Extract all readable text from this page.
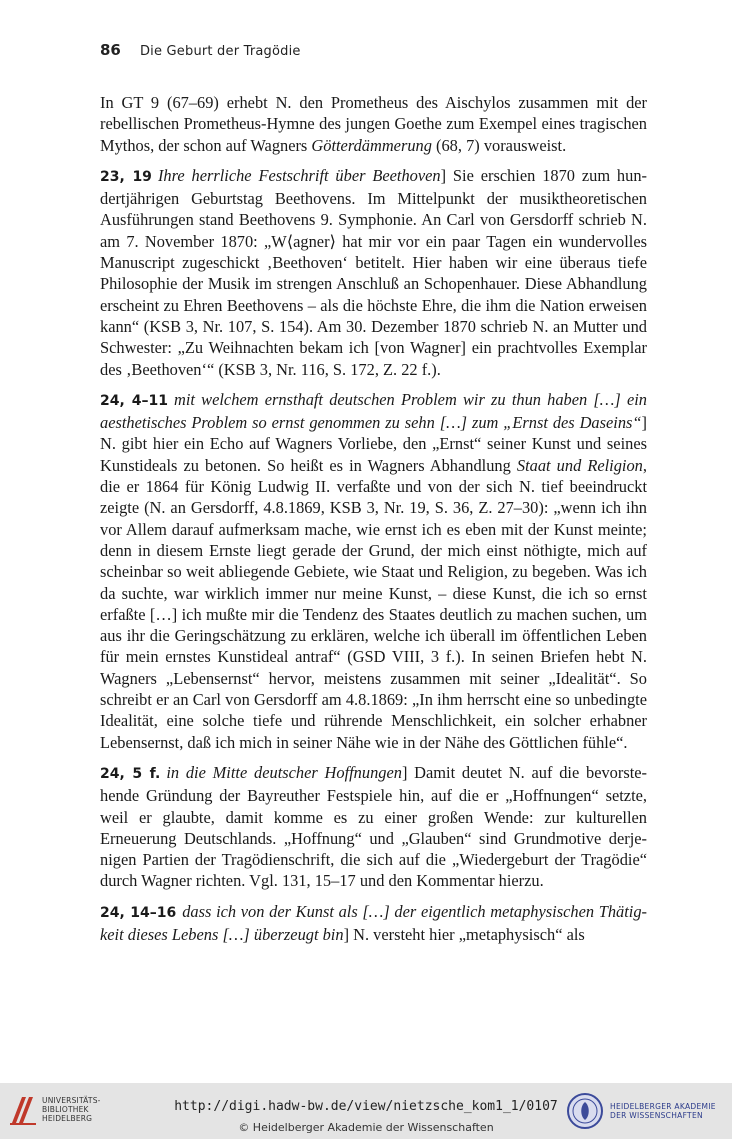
86 Die Geburt der Tragödie

In GT 9 (67–69) erhebt N. den Prometheus des Aischylos zusammen mit der rebellischen Prometheus-Hymne des jungen Goethe zum Exempel eines tragischen Mythos, der schon auf Wagners Götterdämmerung (68, 7) vorausweist.

23, 19 Ihre herrliche Festschrift über Beethoven] Sie erschien 1870 zum hundertjährigen Geburtstag Beethovens. Im Mittelpunkt der musiktheoretischen Ausführungen stand Beethovens 9. Symphonie. An Carl von Gersdorff schrieb N. am 7. November 1870: „W⟨agner⟩ hat mir vor ein paar Tagen ein wundervolles Manuscript zugeschickt ‚Beethoven‘ betitelt. Hier haben wir eine überaus tiefe Philosophie der Musik im strengen Anschluß an Schopenhauer. Diese Abhandlung erscheint zu Ehren Beethovens – als die höchste Ehre, die ihm die Nation erweisen kann“ (KSB 3, Nr. 107, S. 154). Am 30. Dezember 1870 schrieb N. an Mutter und Schwester: „Zu Weihnachten bekam ich [von Wagner] ein prachtvolles Exemplar des ‚Beethoven‘“ (KSB 3, Nr. 116, S. 172, Z. 22 f.).

24, 4–11 mit welchem ernsthaft deutschen Problem wir zu thun haben […] ein aesthetisches Problem so ernst genommen zu sehn […] zum „Ernst des Daseins“] N. gibt hier ein Echo auf Wagners Vorliebe, den „Ernst“ seiner Kunst und seines Kunstideals zu betonen. So heißt es in Wagners Abhandlung Staat und Religion, die er 1864 für König Ludwig II. verfaßte und von der sich N. tief beeindruckt zeigte (N. an Gersdorff, 4.8.1869, KSB 3, Nr. 19, S. 36, Z. 27–30): „wenn ich ihn vor Allem darauf aufmerksam mache, wie ernst ich es eben mit der Kunst meinte; denn in diesem Ernste liegt gerade der Grund, der mich einst nöthigte, mich auf scheinbar so weit abliegende Gebiete, wie Staat und Religion, zu begeben. Was ich da suchte, war wirklich immer nur meine Kunst, – diese Kunst, die ich so ernst erfaßte […] ich mußte mir die Tendenz des Staates deutlich zu machen suchen, um aus ihr die Geringschätzung zu erklären, welche ich überall im öffentlichen Leben für mein ernstes Kunstideal antraf“ (GSD VIII, 3 f.). In seinen Briefen hebt N. Wagners „Lebensernst“ hervor, meistens zusammen mit seiner „Idealität“. So schreibt er an Carl von Gersdorff am 4.8.1869: „In ihm herrscht eine so unbedingte Idealität, eine solche tiefe und rührende Menschlichkeit, ein solcher erhabner Lebensernst, daß ich mich in seiner Nähe wie in der Nähe des Göttlichen fühle“.

24, 5 f. in die Mitte deutscher Hoffnungen] Damit deutet N. auf die bevorstehende Gründung der Bayreuther Festspiele hin, auf die er „Hoffnungen“ setzte, weil er glaubte, damit komme es zu einer großen Wende: zur kulturellen Erneuerung Deutschlands. „Hoffnung“ und „Glauben“ sind Grundmotive derjenigen Partien der Tragödienschrift, die sich auf die „Wiedergeburt der Tragödie“ durch Wagner richten. Vgl. 131, 15–17 und den Kommentar hierzu.

24, 14–16 dass ich von der Kunst als […] der eigentlich metaphysischen Thätigkeit dieses Lebens […] überzeugt bin] N. versteht hier „metaphysisch“ als

UNIVERSITÄTS-
BIBLIOTHEK
HEIDELBERG
http://digi.hadw-bw.de/view/nietzsche_kom1_1/0107
© Heidelberger Akademie der Wissenschaften
HEIDELBERGER AKADEMIE
DER WISSENSCHAFTEN
